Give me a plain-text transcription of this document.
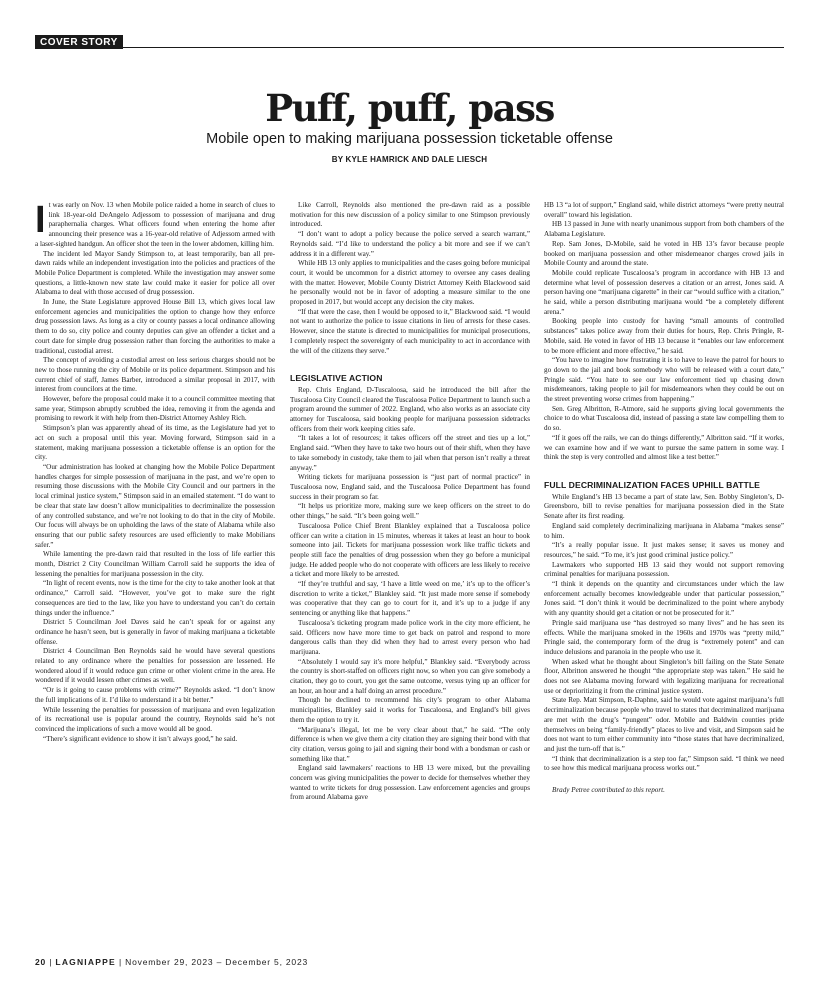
COVER STORY
Puff, puff, pass

Mobile open to making marijuana possession ticketable offense

BY KYLE HAMRICK AND DALE LIESCH
I t was early on Nov. 13 when Mobile police raided a home in search of clues to link 18-year-old DeAngelo Adjessom to possession of marijuana and drug paraphernalia charges. What officers found when entering the home after announcing their presence was a 16-year-old relative of Adjessom armed with a laser-sighted handgun. An officer shot the teen in the lower abdomen, killing him.

The incident led Mayor Sandy Stimpson to, at least temporarily, ban all pre-dawn raids while an independent investigation into the policies and practices of the Mobile Police Department is completed. While the investigation may answer some questions, a little-known new state law could make it easier for police all over Alabama to deal with those accused of drug possession.

In June, the State Legislature approved House Bill 13, which gives local law enforcement agencies and municipalities the option to change how they enforce drug possession laws. As long as a city or county passes a local ordinance allowing them to do so, city police and county deputies can give an offender a ticket and a court date for simple drug possession rather than forcing the authorities to make a traditional, custodial arrest.

The concept of avoiding a custodial arrest on less serious charges should not be new to those running the city of Mobile or its police department. Stimpson and his current chief of staff, James Barber, introduced a similar proposal in 2017, with interest from councilors at the time.

However, before the proposal could make it to a council committee meeting that same year, Stimpson abruptly scrubbed the idea, removing it from the agenda and promising to rework it with help from then-District Attorney Ashley Rich.

Stimpson’s plan was apparently ahead of its time, as the Legislature had yet to act on such a proposal until this year. Moving forward, Stimpson said in a statement, making marijuana possession a ticketable offense is an option for the city.

“Our administration has looked at changing how the Mobile Police Department handles charges for simple possession of marijuana in the past, and we’re open to resuming those discussions with the Mobile City Council and our partners in the local criminal justice system,” Stimpson said in an emailed statement. “I do want to be clear that state law doesn’t allow municipalities to decriminalize the possession of any controlled substance, and we’re not looking to do that in the city of Mobile. Our focus will always be on upholding the laws of the state of Alabama while also ensuring that our public safety resources are used efficiently to make Mobilians safer.”

While lamenting the pre-dawn raid that resulted in the loss of life earlier this month, District 2 City Councilman William Carroll said he supports the idea of lessening the penalties for marijuana possession in the city.

“In light of recent events, now is the time for the city to take another look at that ordinance,” Carroll said. “However, you’ve got to make sure the right consequences are tied to the law, like you have to understand you can’t do certain things under the influence.”

District 5 Councilman Joel Daves said he can’t speak for or against any ordinance he hasn’t seen, but is generally in favor of making marijuana a ticketable offense.

District 4 Councilman Ben Reynolds said he would have several questions related to any ordinance where the penalties for possession are lessened. He wondered aloud if it would reduce gun crime or other violent crime in the area. He wondered if it would lessen other crimes as well.

“Or is it going to cause problems with crime?” Reynolds asked. “I don’t know the full implications of it. I’d like to understand it a bit better.”

While lessening the penalties for possession of marijuana and even legalization of its recreational use is popular around the country, Reynolds said he’s not convinced the implications of such a move would all be good.

“There’s significant evidence to show it isn’t always good,” he said.

Like Carroll, Reynolds also mentioned the pre-dawn raid as a possible motivation for this new discussion of a policy similar to one Stimpson previously introduced.

“I don’t want to adopt a policy because the police served a search warrant,” Reynolds said. “I’d like to understand the policy a bit more and see if we can’t address it in a different way.”

While HB 13 only applies to municipalities and the cases going before municipal court, it would be uncommon for a district attorney to oversee any cases dealing with the matter. However, Mobile County District Attorney Keith Blackwood said he personally would not be in favor of adopting a measure similar to the one proposed in 2017, but would accept any decision the city makes.

“If that were the case, then I would be opposed to it,” Blackwood said. “I would not want to authorize the police to issue citations in lieu of arrests for these cases. However, since the statute is directed to municipalities for municipal prosecutions, I completely respect the sovereignty of each municipality to act in accordance with the will of the citizens they serve.”

LEGISLATIVE ACTION

Rep. Chris England, D-Tuscaloosa, said he introduced the bill after the Tuscaloosa City Council cleared the Tuscaloosa Police Department to launch such a program around the summer of 2022. England, who also works as an associate city attorney for Tuscaloosa, said booking people for marijuana possession sidetracks officers from their work keeping cities safe.

“It takes a lot of resources; it takes officers off the street and ties up a lot,” England said. “When they have to take two hours out of their shift, when they have to take somebody in custody, take them to jail when that person isn’t really a threat anyway.”

Writing tickets for marijuana possession is “just part of normal practice” in Tuscaloosa now, England said, and the Tuscaloosa Police Department has found success in their program so far.

“It helps us prioritize more, making sure we keep officers on the street to do other things,” he said. “It’s been going well.”

Tuscaloosa Police Chief Brent Blankley explained that a Tuscaloosa police officer can write a citation in 15 minutes, whereas it takes at least an hour to book someone into jail. Tickets for marijuana possession work like traffic tickets and people still face the penalties of drug possession when they go before a municipal judge. He added people who do not cooperate with officers are less likely to receive a ticket and more likely to be arrested.

“If they’re truthful and say, ‘I have a little weed on me,’ it’s up to the officer’s discretion to write a ticket,” Blankley said. “It just made more sense if somebody was cooperative that they can go to court for it, and it’s up to a judge if any sentencing or anything like that happens.”

Tuscaloosa’s ticketing program made police work in the city more efficient, he said. Officers now have more time to get back on patrol and respond to more dangerous calls than they did when they had to arrest every person who had marijuana.

“Absolutely I would say it’s more helpful,” Blankley said. “Everybody across the country is short-staffed on officers right now, so when you can give somebody a citation, they go to court, you get the same outcome, versus tying up an officer for an hour, an hour and a half doing an arrest procedure.”

Though he declined to recommend his city’s program to other Alabama municipalities, Blankley said it works for Tuscaloosa, and England’s bill gives them the option to try it.

“Marijuana’s illegal, let me be very clear about that,” he said. “The only difference is when we give them a city citation they are signing their bond with that city citation, versus going to jail and signing their bond with a bondsman or cash or something like that.”

England said lawmakers’ reactions to HB 13 were mixed, but the prevailing concern was giving municipalities the power to decide for themselves whether they wanted to write tickets for drug possession. Law enforcement agencies and groups from around Alabama gave

HB 13 “a lot of support,” England said, while district attorneys “were pretty neutral overall” toward his legislation.

HB 13 passed in June with nearly unanimous support from both chambers of the Alabama Legislature.

Rep. Sam Jones, D-Mobile, said he voted in HB 13’s favor because people booked on marijuana possession and other misdemeanor charges crowd jails in Mobile County and around the state.

Mobile could replicate Tuscaloosa’s program in accordance with HB 13 and determine what level of possession deserves a citation or an arrest, Jones said. A person having one “marijuana cigarette” in their car “would suffice with a citation,” he said, while a person distributing marijuana would “be a completely different arena.”

Booking people into custody for having “small amounts of controlled substances” takes police away from their duties for hours, Rep. Chris Pringle, R-Mobile, said. He voted in favor of HB 13 because it “enables our law enforcement to be more efficient and more effective,” he said.

“You have to imagine how frustrating it is to have to leave the patrol for hours to go down to the jail and book somebody who will be released with a court date,” Pringle said. “You hate to see our law enforcement tied up chasing down misdemeanors, taking people to jail for misdemeanors when they could be out on the street preventing worse crimes from happening.”

Sen. Greg Albritton, R-Atmore, said he supports giving local governments the choice to do what Tuscaloosa did, instead of passing a state law compelling them to do so.

“If it goes off the rails, we can do things differently,” Albritton said. “If it works, we can examine how and if we want to pursue the same pattern in some way. I think the step is very controlled and almost like a test better.”

FULL DECRIMINALIZATION FACES UPHILL BATTLE

While England’s HB 13 became a part of state law, Sen. Bobby Singleton’s, D-Greensboro, bill to revise penalties for marijuana possession died in the State Senate after its first reading.

England said completely decriminalizing marijuana in Alabama “makes sense” to him.

“It’s a really popular issue. It just makes sense; it saves us money and resources,” he said. “To me, it’s just good criminal justice policy.”

Lawmakers who supported HB 13 said they would not support removing criminal penalties for marijuana possession.

“I think it depends on the quantity and circumstances under which the law enforcement actually becomes knowledgeable under that particular possession,” Jones said. “I don’t think it would be decriminalized to the point where anybody with any quantity should get a citation or not be prosecuted for it.”

Pringle said marijuana use “has destroyed so many lives” and he has seen its effects. While the marijuana smoked in the 1960s and 1970s was “pretty mild,” Pringle said, the contemporary form of the drug is “extremely potent” and can induce delusions and paranoia in the people who use it.

When asked what he thought about Singleton’s bill failing on the State Senate floor, Albritton answered he thought “the appropriate step was taken.” He said he does not see Alabama moving forward with legalizing marijuana for recreational use or deprioritizing it from the criminal justice system.

State Rep. Matt Simpson, R-Daphne, said he would vote against marijuana’s full decriminalization because people who travel to states that decriminalized marijuana are met with the drug’s “pungent” odor. Mobile and Baldwin counties pride themselves on being “family-friendly” places to live and visit, and Simpson said he does not want to turn either community into “those states that have decriminalized, and just the turn-off that is.”

“I think that decriminalization is a step too far,” Simpson said. “I think we need to see how this medical marijuana process works out.”

Brady Petree contributed to this report.

20 | LAGNIAPPE | November 29, 2023 – December 5, 2023
